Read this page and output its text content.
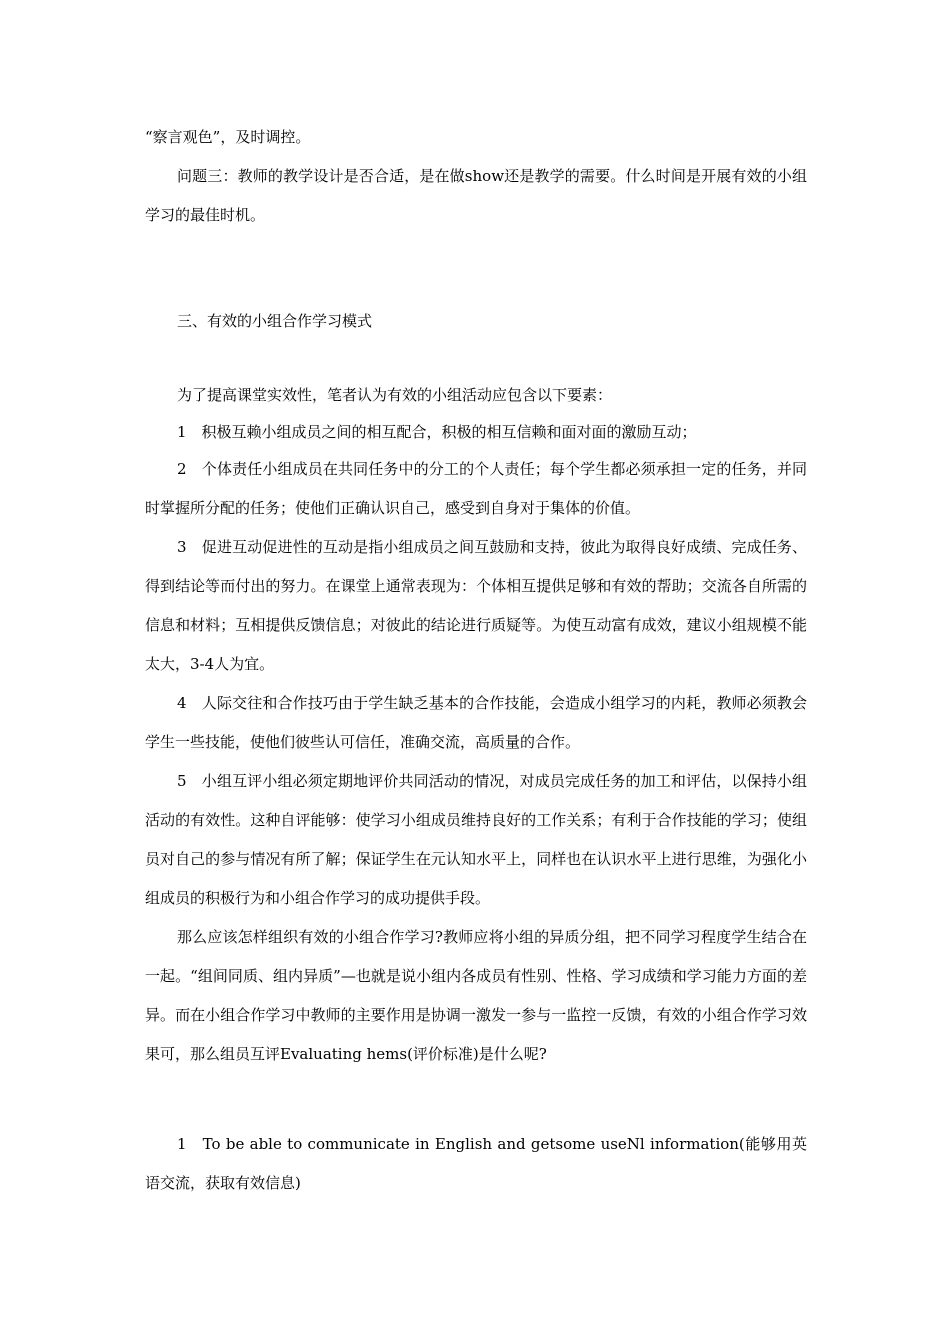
“察言观色”，及时调控。

问题三：教师的教学设计是否合适，是在做show还是教学的需要。什么时间是开展有效的小组学习的最佳时机。

三、有效的小组合作学习模式

为了提高课堂实效性，笔者认为有效的小组活动应包含以下要素：

1　积极互赖小组成员之间的相互配合，积极的相互信赖和面对面的激励互动；

2　个体责任小组成员在共同任务中的分工的个人责任；每个学生都必须承担一定的任务，并同时掌握所分配的任务；使他们正确认识自己，感受到自身对于集体的价值。

3　促进互动促进性的互动是指小组成员之间互鼓励和支持，彼此为取得良好成绩、完成任务、得到结论等而付出的努力。在课堂上通常表现为：个体相互提供足够和有效的帮助；交流各自所需的信息和材料；互相提供反馈信息；对彼此的结论进行质疑等。为使互动富有成效，建议小组规模不能太大，3-4人为宜。

4　人际交往和合作技巧由于学生缺乏基本的合作技能，会造成小组学习的内耗，教师必须教会学生一些技能，使他们彼些认可信任，准确交流，高质量的合作。

5　小组互评小组必须定期地评价共同活动的情况，对成员完成任务的加工和评估，以保持小组活动的有效性。这种自评能够：使学习小组成员维持良好的工作关系；有利于合作技能的学习；使组员对自己的参与情况有所了解；保证学生在元认知水平上，同样也在认识水平上进行思维，为强化小组成员的积极行为和小组合作学习的成功提供手段。

那么应该怎样组织有效的小组合作学习?教师应将小组的异质分组，把不同学习程度学生结合在一起。“组间同质、组内异质”—也就是说小组内各成员有性别、性格、学习成绩和学习能力方面的差异。而在小组合作学习中教师的主要作用是协调一激发一参与一监控一反馈，有效的小组合作学习效果可，那么组员互评Evaluating hems(评价标准)是什么呢?

1　To be able to communicate in English and getsome useNl information(能够用英语交流，获取有效信息)
